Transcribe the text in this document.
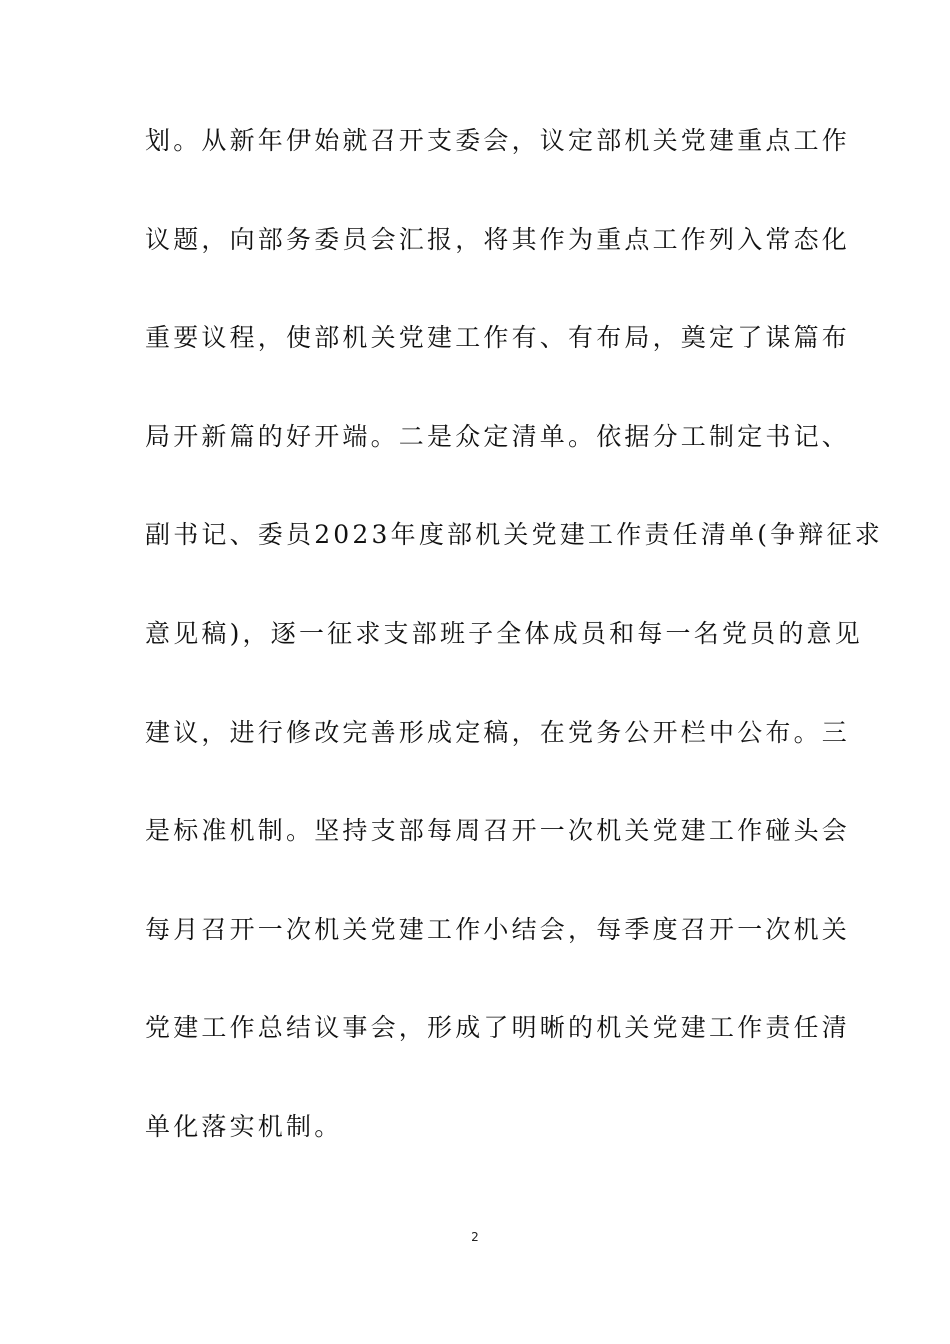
划。从新年伊始就召开支委会，议定部机关党建重点工作
议题，向部务委员会汇报，将其作为重点工作列入常态化
重要议程，使部机关党建工作有、有布局，奠定了谋篇布
局开新篇的好开端。二是众定清单。依据分工制定书记、
副书记、委员2023年度部机关党建工作责任清单(争辩征求
意见稿)，逐一征求支部班子全体成员和每一名党员的意见
建议，进行修改完善形成定稿，在党务公开栏中公布。三
是标准机制。坚持支部每周召开一次机关党建工作碰头会
每月召开一次机关党建工作小结会，每季度召开一次机关
党建工作总结议事会，形成了明晰的机关党建工作责任清
单化落实机制。
2
